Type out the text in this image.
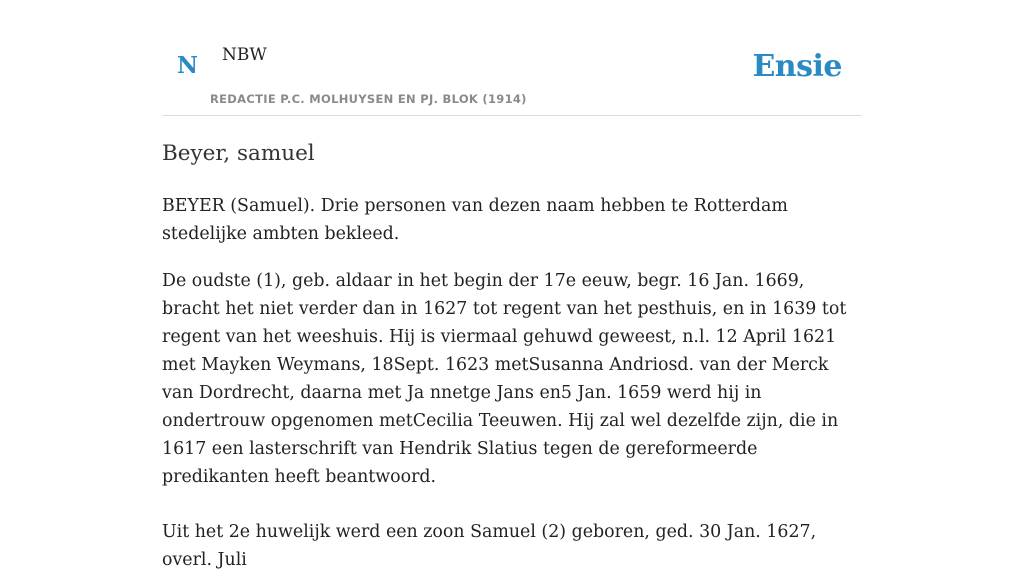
N NBW
REDACTIE P.C. MOLHUYSEN EN PJ. BLOK (1914)
Ensie
Beyer, samuel

BEYER (Samuel). Drie personen van dezen naam hebben te Rotterdam stedelijke ambten bekleed.

De oudste (1), geb. aldaar in het begin der 17e eeuw, begr. 16 Jan. 1669, bracht het niet verder dan in 1627 tot regent van het pesthuis, en in 1639 tot regent van het weeshuis. Hij is viermaal gehuwd geweest, n.l. 12 April 1621 met Mayken Weymans, 18Sept. 1623 metSusanna Andriosd. van der Merck van Dordrecht, daarna met Ja nnetge Jans en5 Jan. 1659 werd hij in ondertrouw opgenomen metCecilia Teeuwen. Hij zal wel dezelfde zijn, die in 1617 een lasterschrift van Hendrik Slatius tegen de gereformeerde predikanten heeft beantwoord.

Uit het 2e huwelijk werd een zoon Samuel (2) geboren, ged. 30 Jan. 1627, overl. Juli
